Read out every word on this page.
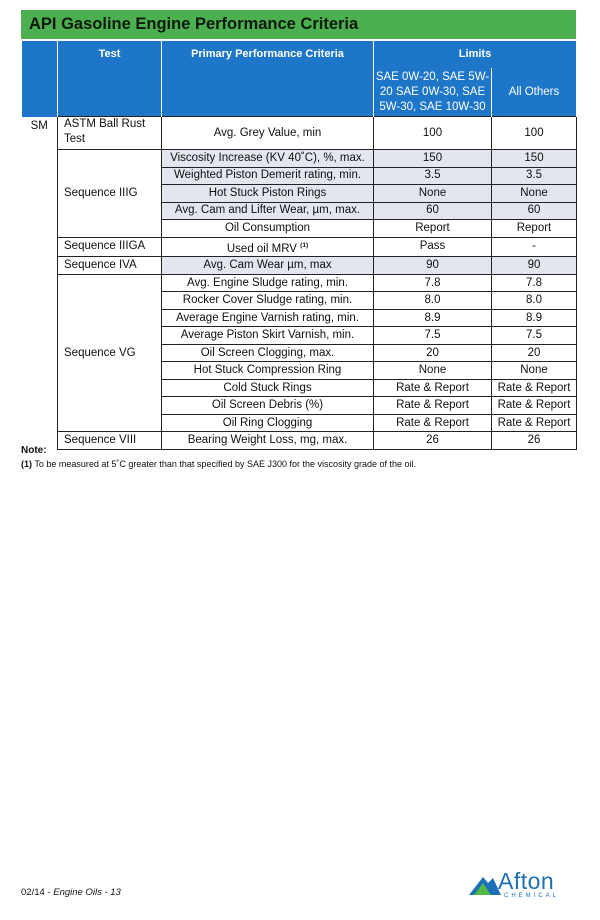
API Gasoline Engine Performance Criteria
	Test	Primary Performance Criteria	Limits	
			SAE 0W-20, SAE 5W-20 SAE 0W-30, SAE 5W-30, SAE 10W-30	All Others
SM	ASTM Ball Rust Test	Avg. Grey Value, min	100	100
	Sequence IIIG	Viscosity Increase (KV 40˚C), %, max.	150	150
		Weighted Piston Demerit rating, min.	3.5	3.5
		Hot Stuck Piston Rings	None	None
		Avg. Cam and Lifter Wear, µm, max.	60	60
		Oil Consumption	Report	Report
	Sequence IIIGA	Used oil MRV $^{(1)}$	Pass	-
	Sequence IVA	Avg. Cam Wear µm, max	90	90
	Sequence VG	Avg. Engine Sludge rating, min.	7.8	7.8
		Rocker Cover Sludge rating, min.	8.0	8.0
		Average Engine Varnish rating, min.	8.9	8.9
		Average Piston Skirt Varnish, min.	7.5	7.5
		Oil Screen Clogging, max.	20	20
		Hot Stuck Compression Ring	None	None
		Cold Stuck Rings	Rate & Report	Rate & Report
		Oil Screen Debris (%)	Rate & Report	Rate & Report
		Oil Ring Clogging	Rate & Report	Rate & Report
	Sequence VIII	Bearing Weight Loss, mg, max.	26	26
Note:
(1) To be measured at 5˚C greater than that specified by SAE J300 for the viscosity grade of the oil.
02/14 - Engine Oils - 13	Afton
CHEMICAL
